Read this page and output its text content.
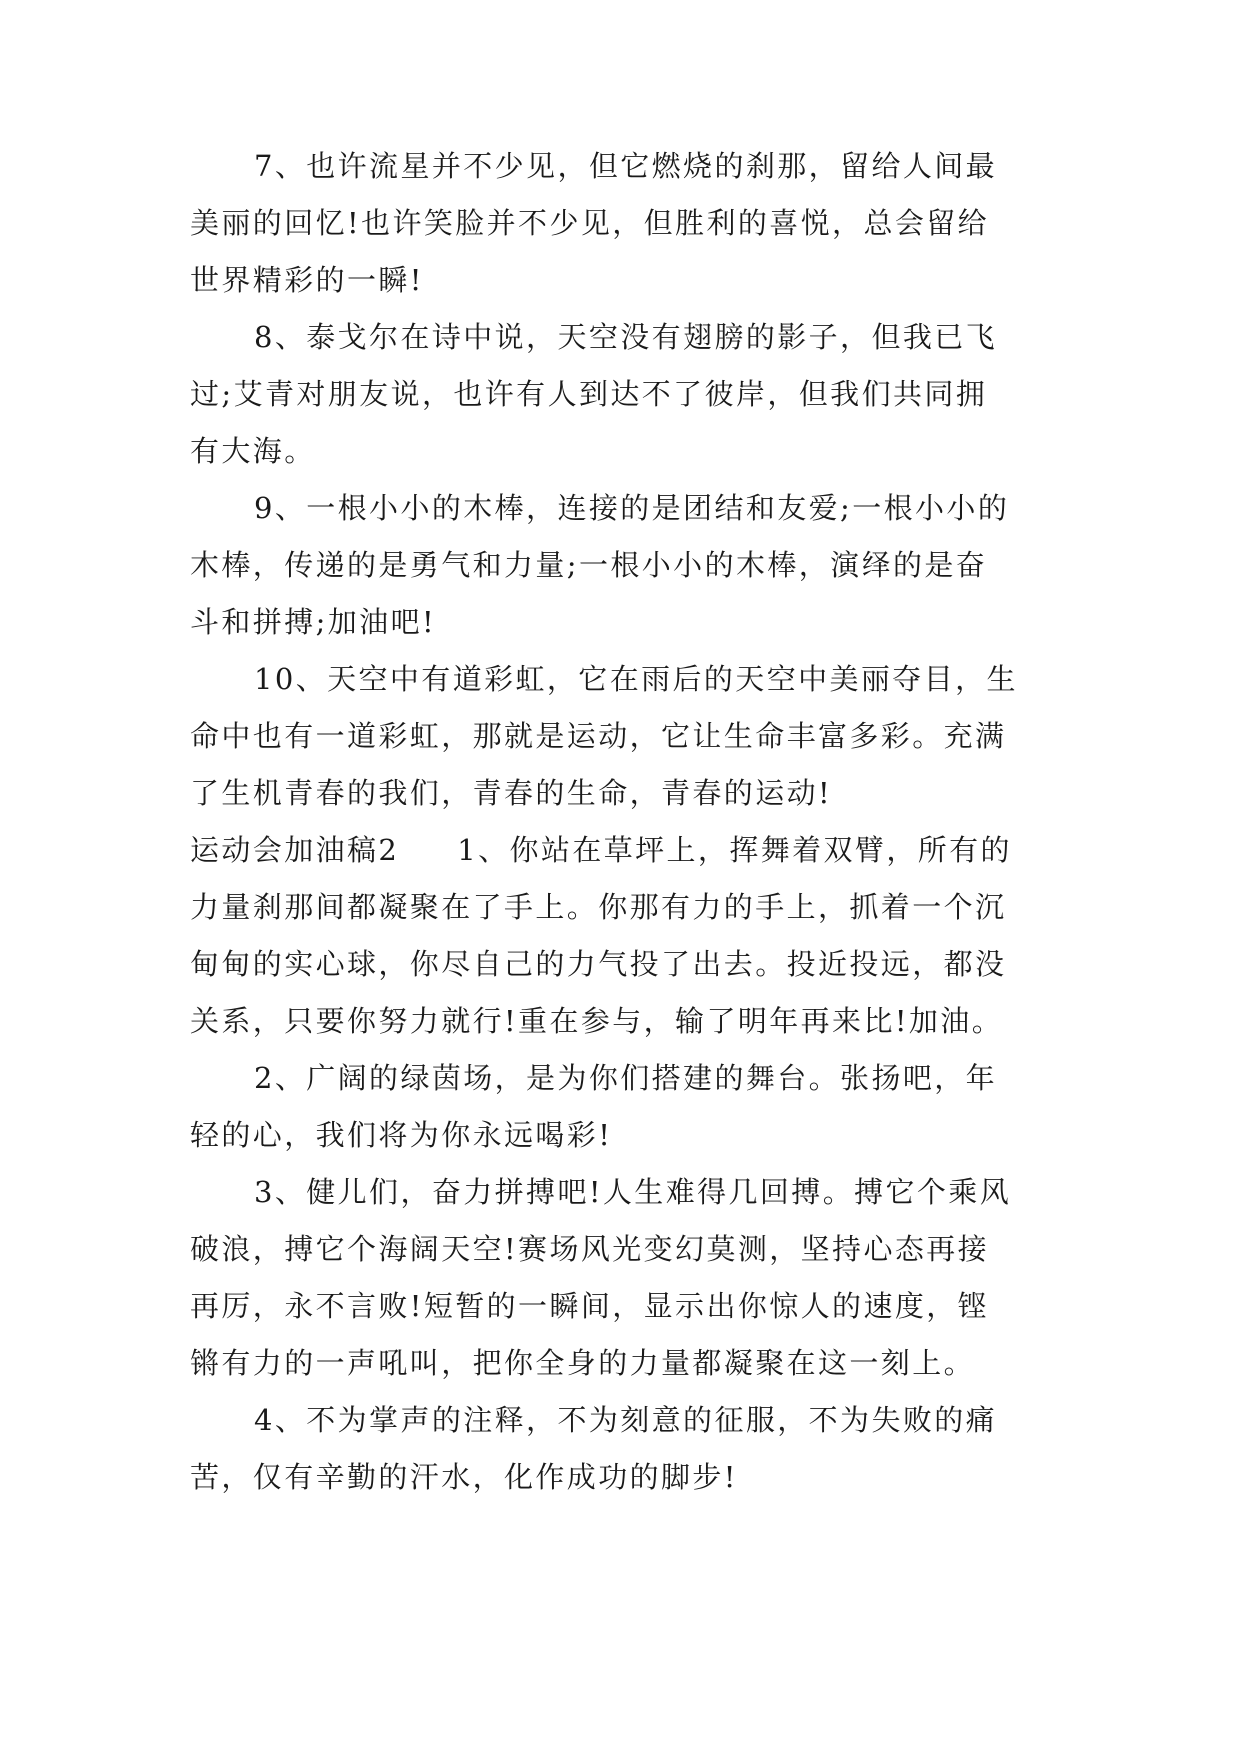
7、也许流星并不少见，但它燃烧的刹那，留给人间最
美丽的回忆!也许笑脸并不少见，但胜利的喜悦，总会留给
世界精彩的一瞬!
8、泰戈尔在诗中说，天空没有翅膀的影子，但我已飞
过;艾青对朋友说，也许有人到达不了彼岸，但我们共同拥
有大海。
9、一根小小的木棒，连接的是团结和友爱;一根小小的
木棒，传递的是勇气和力量;一根小小的木棒，演绎的是奋
斗和拼搏;加油吧!
10、天空中有道彩虹，它在雨后的天空中美丽夺目，生
命中也有一道彩虹，那就是运动，它让生命丰富多彩。充满
了生机青春的我们，青春的生命，青春的运动!
运动会加油稿2 1、你站在草坪上，挥舞着双臂，所有的
力量刹那间都凝聚在了手上。你那有力的手上，抓着一个沉
甸甸的实心球，你尽自己的力气投了出去。投近投远，都没
关系，只要你努力就行!重在参与，输了明年再来比!加油。
2、广阔的绿茵场，是为你们搭建的舞台。张扬吧，年
轻的心，我们将为你永远喝彩!
3、健儿们，奋力拼搏吧!人生难得几回搏。搏它个乘风
破浪，搏它个海阔天空!赛场风光变幻莫测，坚持心态再接
再厉，永不言败!短暂的一瞬间，显示出你惊人的速度，铿
锵有力的一声吼叫，把你全身的力量都凝聚在这一刻上。
4、不为掌声的注释，不为刻意的征服，不为失败的痛
苦，仅有辛勤的汗水，化作成功的脚步!
